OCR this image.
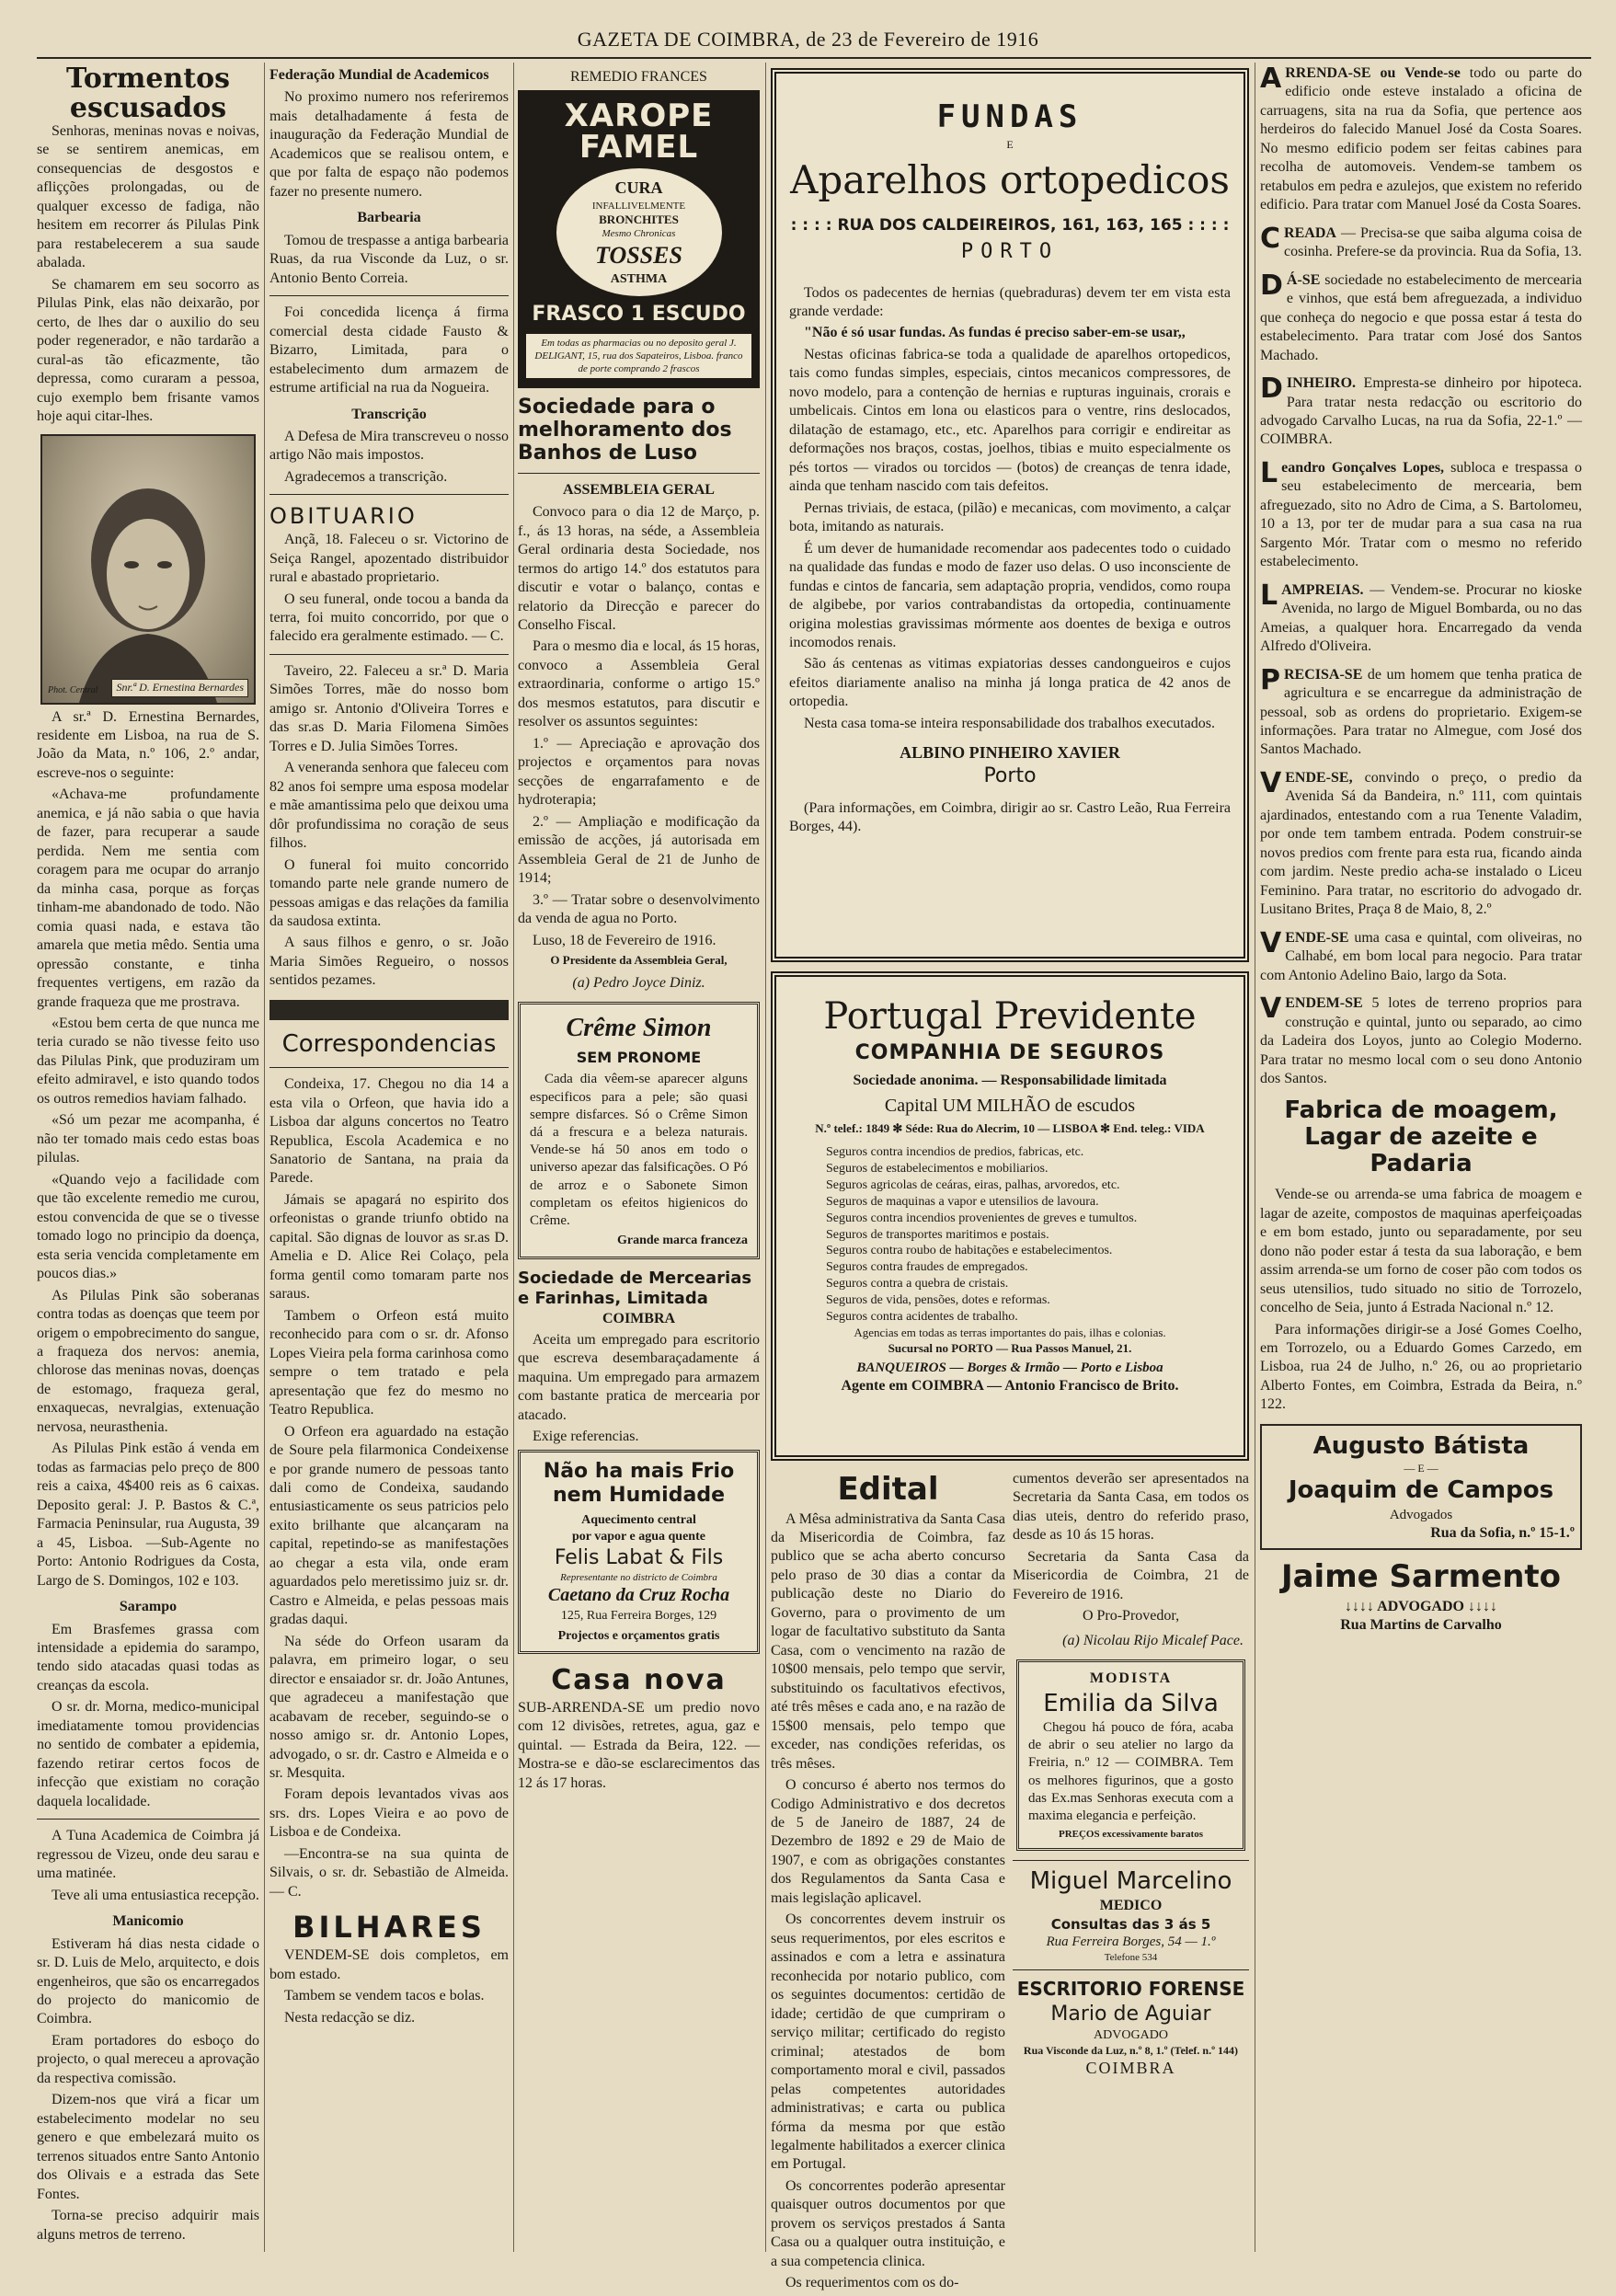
GAZETA DE COIMBRA, de 23 de Fevereiro de 1916
Tormentos escusados

Senhoras, meninas novas e noivas, se se sentirem anemicas, em consequencias de desgostos e afliçções prolongadas, ou de qualquer excesso de fadiga, não hesitem em recorrer ás Pilulas Pink para restabelecerem a sua saude abalada.

Se chamarem em seu socorro as Pilulas Pink, elas não deixarão, por certo, de lhes dar o auxilio do seu poder regenerador, e não tardarão a cural-as tão eficazmente, tão depressa, como curaram a pessoa, cujo exemplo bem frisante vamos hoje aqui citar-lhes.

Phot. Central	Snr.ª D. Ernestina Bernardes

A sr.ª D. Ernestina Bernardes, residente em Lisboa, na rua de S. João da Mata, n.º 106, 2.º andar, escreve-nos o seguinte:

«Achava-me profundamente anemica, e já não sabia o que havia de fazer, para recuperar a saude perdida. Nem me sentia com coragem para me ocupar do arranjo da minha casa, porque as forças tinham-me abandonado de todo. Não comia quasi nada, e estava tão amarela que metia mêdo. Sentia uma opressão constante, e tinha frequentes vertigens, em razão da grande fraqueza que me prostrava.

«Estou bem certa de que nunca me teria curado se não tivesse feito uso das Pilulas Pink, que produziram um efeito admiravel, e isto quando todos os outros remedios haviam falhado.

«Só um pezar me acompanha, é não ter tomado mais cedo estas boas pilulas.

«Quando vejo a facilidade com que tão excelente remedio me curou, estou convencida de que se o tivesse tomado logo no principio da doença, esta seria vencida completamente em poucos dias.»

As Pilulas Pink são soberanas contra todas as doenças que teem por origem o empobrecimento do sangue, a fraqueza dos nervos: anemia, chlorose das meninas novas, doenças de estomago, fraqueza geral, enxaquecas, nevralgias, extenuação nervosa, neurasthenia.

As Pilulas Pink estão á venda em todas as farmacias pelo preço de 800 reis a caixa, 4$400 reis as 6 caixas. Deposito geral: J. P. Bastos & C.ª, Farmacia Peninsular, rua Augusta, 39 a 45, Lisboa. —Sub-Agente no Porto: Antonio Rodrigues da Costa, Largo de S. Domingos, 102 e 103.

Sarampo

Em Brasfemes grassa com intensidade a epidemia do sarampo, tendo sido atacadas quasi todas as creanças da escola.

O sr. dr. Morna, medico-municipal imediatamente tomou providencias no sentido de combater a epidemia, fazendo retirar certos focos de infecção que existiam no coração daquela localidade.

A Tuna Academica de Coimbra já regressou de Vizeu, onde deu sarau e uma matinée.

Teve ali uma entusiastica recepção.

Manicomio

Estiveram há dias nesta cidade o sr. D. Luis de Melo, arquitecto, e dois engenheiros, que são os encarregados do projecto do manicomio de Coimbra.

Eram portadores do esboço do projecto, o qual mereceu a aprovação da respectiva comissão.

Dizem-nos que virá a ficar um estabelecimento modelar no seu genero e que embelezará muito os terrenos situados entre Santo Antonio dos Olivais e a estrada das Sete Fontes.

Torna-se preciso adquirir mais alguns metros de terreno.

Federação Mundial de Academicos

No proximo numero nos referiremos mais detalhadamente á festa de inauguração da Federação Mundial de Academicos que se realisou ontem, e que por falta de espaço não podemos fazer no presente numero.

Barbearia

Tomou de trespasse a antiga barbearia Ruas, da rua Visconde da Luz, o sr. Antonio Bento Correia.

Foi concedida licença á firma comercial desta cidade Fausto & Bizarro, Limitada, para o estabelecimento dum armazem de estrume artificial na rua da Nogueira.

Transcrição

A Defesa de Mira transcreveu o nosso artigo Não mais impostos.

Agradecemos a transcrição.

OBITUARIO

Ançã, 18. Faleceu o sr. Victorino de Seiça Rangel, apozentado distribuidor rural e abastado proprietario.

O seu funeral, onde tocou a banda da terra, foi muito concorrido, por que o falecido era geralmente estimado. — C.

Taveiro, 22. Faleceu a sr.ª D. Maria Simões Torres, mãe do nosso bom amigo sr. Antonio d'Oliveira Torres e das sr.as D. Maria Filomena Simões Torres e D. Julia Simões Torres.

A veneranda senhora que faleceu com 82 anos foi sempre uma esposa modelar e mãe amantissima pelo que deixou uma dôr profundissima no coração de seus filhos.

O funeral foi muito concorrido tomando parte nele grande numero de pessoas amigas e das relações da familia da saudosa extinta.

A saus filhos e genro, o sr. João Maria Simões Regueiro, o nossos sentidos pezames.

Correspondencias

Condeixa, 17. Chegou no dia 14 a esta vila o Orfeon, que havia ido a Lisboa dar alguns concertos no Teatro Republica, Escola Academica e no Sanatorio de Santana, na praia da Parede.

Jámais se apagará no espirito dos orfeonistas o grande triunfo obtido na capital. São dignas de louvor as sr.as D. Amelia e D. Alice Rei Colaço, pela forma gentil como tomaram parte nos saraus.

Tambem o Orfeon está muito reconhecido para com o sr. dr. Afonso Lopes Vieira pela forma carinhosa como sempre o tem tratado e pela apresentação que fez do mesmo no Teatro Republica.

O Orfeon era aguardado na estação de Soure pela filarmonica Condeixense e por grande numero de pessoas tanto dali como de Condeixa, saudando entusiasticamente os seus patricios pelo exito brilhante que alcançaram na capital, repetindo-se as manifestações ao chegar a esta vila, onde eram aguardados pelo meretissimo juiz sr. dr. Castro e Almeida, e pelas pessoas mais gradas daqui.

Na séde do Orfeon usaram da palavra, em primeiro logar, o seu director e ensaiador sr. dr. João Antunes, que agradeceu a manifestação que acabavam de receber, seguindo-se o nosso amigo sr. dr. Antonio Lopes, advogado, o sr. dr. Castro e Almeida e o sr. Mesquita.

Foram depois levantados vivas aos srs. drs. Lopes Vieira e ao povo de Lisboa e de Condeixa.

—Encontra-se na sua quinta de Silvais, o sr. dr. Sebastião de Almeida. — C.

BILHARES

VENDEM-SE dois completos, em bom estado.

Tambem se vendem tacos e bolas.

Nesta redacção se diz.

REMEDIO FRANCES
XAROPE FAMEL
CURA
INFALLIVELMENTE
BRONCHITES
Mesmo Chronicas
TOSSES
ASTHMA
FRASCO 1 ESCUDO
Em todas as pharmacias ou no deposito geral J. DELIGANT, 15, rua dos Sapateiros, Lisboa. franco de porte comprando 2 frascos
Sociedade para o melhoramento dos Banhos de Luso
ASSEMBLEIA GERAL

Convoco para o dia 12 de Março, p. f., ás 13 horas, na séde, a Assembleia Geral ordinaria desta Sociedade, nos termos do artigo 14.º dos estatutos para discutir e votar o balanço, contas e relatorio da Direcção e parecer do Conselho Fiscal.

Para o mesmo dia e local, ás 15 horas, convoco a Assembleia Geral extraordinaria, conforme o artigo 15.º dos mesmos estatutos, para discutir e resolver os assuntos seguintes:

1.º — Apreciação e aprovação dos projectos e orçamentos para novas secções de engarrafamento e de hydroterapia;

2.º — Ampliação e modificação da emissão de acções, já autorisada em Assembleia Geral de 21 de Junho de 1914;

3.º — Tratar sobre o desenvolvimento da venda de agua no Porto.

Luso, 18 de Fevereiro de 1916.

O Presidente da Assembleia Geral,
(a) Pedro Joyce Diniz.
Crême Simon
SEM PRONOME

Cada dia vêem-se aparecer alguns especificos para a pele; são quasi sempre disfarces. Só o Crême Simon dá a frescura e a beleza naturais. Vende-se há 50 anos em todo o universo apezar das falsificações. O Pó de arroz e o Sabonete Simon completam os efeitos higienicos do Crême.

Grande marca franceza
Sociedade de Mercearias e Farinhas, Limitada
COIMBRA

Aceita um empregado para escritorio que escreva desembaraçadamente á maquina. Um empregado para armazem com bastante pratica de mercearia por atacado.

Exige referencias.

Não ha mais Frio nem Humidade
Aquecimento central
por vapor e agua quente
Felis Labat & Fils
Representante no districto de Coimbra
Caetano da Cruz Rocha
125, Rua Ferreira Borges, 129
Projectos e orçamentos gratis
Casa nova

SUB-ARRENDA-SE um predio novo com 12 divisões, retretes, agua, gaz e quintal. — Estrada da Beira, 122. — Mostra-se e dão-se esclarecimentos das 12 ás 17 horas.

FUNDAS
E
Aparelhos ortopedicos
: : : : RUA DOS CALDEIREIROS, 161, 163, 165 : : : :
PORTO

Todos os padecentes de hernias (quebraduras) devem ter em vista esta grande verdade:

"Não é só usar fundas. As fundas é preciso saber-em-se usar,,

Nestas oficinas fabrica-se toda a qualidade de aparelhos ortopedicos, tais como fundas simples, especiais, cintos mecanicos compressores, de novo modelo, para a contenção de hernias e rupturas inguinais, crorais e umbelicais. Cintos em lona ou elasticos para o ventre, rins deslocados, dilatação de estamago, etc., etc. Aparelhos para corrigir e endireitar as deformações nos braços, costas, joelhos, tibias e muito especialmente os pés tortos — virados ou torcidos — (botos) de creanças de tenra idade, ainda que tenham nascido com tais defeitos.

Pernas triviais, de estaca, (pilão) e mecanicas, com movimento, a calçar bota, imitando as naturais.

É um dever de humanidade recomendar aos padecentes todo o cuidado na qualidade das fundas e modo de fazer uso delas. O uso inconsciente de fundas e cintos de fancaria, sem adaptação propria, vendidos, como roupa de algibebe, por varios contrabandistas da ortopedia, continuamente origina molestias gravissimas mórmente aos doentes de bexiga e outros incomodos renais.

São ás centenas as vitimas expiatorias desses candongueiros e cujos efeitos diariamente analiso na minha já longa pratica de 42 anos de ortopedia.

Nesta casa toma-se inteira responsabilidade dos trabalhos executados.

ALBINO PINHEIRO XAVIER
Porto

(Para informações, em Coimbra, dirigir ao sr. Castro Leão, Rua Ferreira Borges, 44).

Portugal Previdente
COMPANHIA DE SEGUROS
Sociedade anonima. — Responsabilidade limitada
Capital UM MILHÃO de escudos
N.º telef.: 1849 ✻ Séde: Rua do Alecrim, 10 — LISBOA ✻ End. teleg.: VIDA

Seguros contra incendios de predios, fabricas, etc.

Seguros de estabelecimentos e mobiliarios.

Seguros agricolas de ceáras, eiras, palhas, arvoredos, etc.

Seguros de maquinas a vapor e utensilios de lavoura.

Seguros contra incendios provenientes de greves e tumultos.

Seguros de transportes maritimos e postais.

Seguros contra roubo de habitações e estabelecimentos.

Seguros contra fraudes de empregados.

Seguros contra a quebra de cristais.

Seguros de vida, pensões, dotes e reformas.

Seguros contra acidentes de trabalho.

Agencias em todas as terras importantes do pais, ilhas e colonias.
Sucursal no PORTO — Rua Passos Manuel, 21.
BANQUEIROS — Borges & Irmão — Porto e Lisboa
Agente em COIMBRA — Antonio Francisco de Brito.
Edital

A Mêsa administrativa da Santa Casa da Misericordia de Coimbra, faz publico que se acha aberto concurso pelo praso de 30 dias a contar da publicação deste no Diario do Governo, para o provimento de um logar de facultativo substituto da Santa Casa, com o vencimento na razão de 10$00 mensais, pelo tempo que servir, substituindo os facultativos efectivos, até três mêses e cada ano, e na razão de 15$00 mensais, pelo tempo que exceder, nas condições referidas, os três mêses.

O concurso é aberto nos termos do Codigo Administrativo e dos decretos de 5 de Janeiro de 1887, 24 de Dezembro de 1892 e 29 de Maio de 1907, e com as obrigações constantes dos Regulamentos da Santa Casa e mais legislação aplicavel.

Os concorrentes devem instruir os seus requerimentos, por eles escritos e assinados e com a letra e assinatura reconhecida por notario publico, com os seguintes documentos: certidão de idade; certidão de que cumpriram o serviço militar; certificado do registo criminal; atestados de bom comportamento moral e civil, passados pelas competentes autoridades administrativas; e carta ou publica fórma da mesma por que estão legalmente habilitados a exercer clinica em Portugal.

Os concorrentes poderão apresentar quaisquer outros documentos por que provem os serviços prestados á Santa Casa ou a qualquer outra instituição, e a sua competencia clinica.

Os requerimentos com os do-

cumentos deverão ser apresentados na Secretaria da Santa Casa, em todos os dias uteis, dentro do referido praso, desde as 10 ás 15 horas.

Secretaria da Santa Casa da Misericordia de Coimbra, 21 de Fevereiro de 1916.

O Pro-Provedor,
(a) Nicolau Rijo Micalef Pace.
MODISTA
Emilia da Silva

Chegou há pouco de fóra, acaba de abrir o seu atelier no largo da Freiria, n.º 12 — COIMBRA. Tem os melhores figurinos, que a gosto das Ex.mas Senhoras executa com a maxima elegancia e perfeição.

PREÇOS excessivamente baratos
Miguel Marcelino
MEDICO
Consultas das 3 ás 5
Rua Ferreira Borges, 54 — 1.º
Telefone 534
ESCRITORIO FORENSE
Mario de Aguiar
ADVOGADO
Rua Visconde da Luz, n.º 8, 1.º (Telef. n.º 144)
COIMBRA
A RRENDA-SE ou Vende-se todo ou parte do edificio onde esteve instalado a oficina de carruagens, sita na rua da Sofia, que pertence aos herdeiros do falecido Manuel José da Costa Soares. No mesmo edificio podem ser feitas cabines para recolha de automoveis. Vendem-se tambem os retabulos em pedra e azulejos, que existem no referido edificio. Para tratar com Manuel José da Costa Soares.
C READA — Precisa-se que saiba alguma coisa de cosinha. Prefere-se da provincia. Rua da Sofia, 13.
D Á-SE sociedade no estabelecimento de mercearia e vinhos, que está bem afreguezada, a individuo que conheça do negocio e que possa estar á testa do estabelecimento. Para tratar com José dos Santos Machado.
D INHEIRO. Empresta-se dinheiro por hipoteca. Para tratar nesta redacção ou escritorio do advogado Carvalho Lucas, na rua da Sofia, 22-1.º — COIMBRA.
L eandro Gonçalves Lopes, subloca e trespassa o seu estabelecimento de mercearia, bem afreguezado, sito no Adro de Cima, a S. Bartolomeu, 10 a 13, por ter de mudar para a sua casa na rua Sargento Mór. Tratar com o mesmo no referido estabelecimento.
L AMPREIAS. — Vendem-se. Procurar no kioske Avenida, no largo de Miguel Bombarda, ou no das Ameias, a qualquer hora. Encarregado da venda Alfredo d'Oliveira.
P RECISA-SE de um homem que tenha pratica de agricultura e se encarregue da administração de pessoal, sob as ordens do proprietario. Exigem-se informações. Para tratar no Almegue, com José dos Santos Machado.
V ENDE-SE, convindo o preço, o predio da Avenida Sá da Bandeira, n.º 111, com quintais ajardinados, entestando com a rua Tenente Valadim, por onde tem tambem entrada. Podem construir-se novos predios com frente para esta rua, ficando ainda com jardim. Neste predio acha-se instalado o Liceu Feminino. Para tratar, no escritorio do advogado dr. Lusitano Brites, Praça 8 de Maio, 8, 2.º
V ENDE-SE uma casa e quintal, com oliveiras, no Calhabé, em bom local para negocio. Para tratar com Antonio Adelino Baio, largo da Sota.
V ENDEM-SE 5 lotes de terreno proprios para construção e quintal, junto ou separado, ao cimo da Ladeira dos Loyos, junto ao Colegio Moderno. Para tratar no mesmo local com o seu dono Antonio dos Santos.
Fabrica de moagem, Lagar de azeite e Padaria

Vende-se ou arrenda-se uma fabrica de moagem e lagar de azeite, compostos de maquinas aperfeiçoadas e em bom estado, junto ou separadamente, por seu dono não poder estar á testa da sua laboração, e bem assim arrenda-se um forno de coser pão com todos os seus utensilios, tudo situado no sitio de Torrozelo, concelho de Seia, junto á Estrada Nacional n.º 12.

Para informações dirigir-se a José Gomes Coelho, em Torrozelo, ou a Eduardo Gomes Carzedo, em Lisboa, rua 24 de Julho, n.º 26, ou ao proprietario Alberto Fontes, em Coimbra, Estrada da Beira, n.º 122.

Augusto Bátista
— E —
Joaquim de Campos
Advogados
Rua da Sofia, n.º 15-1.º
Jaime Sarmento
↓↓↓↓ ADVOGADO ↓↓↓↓
Rua Martins de Carvalho
